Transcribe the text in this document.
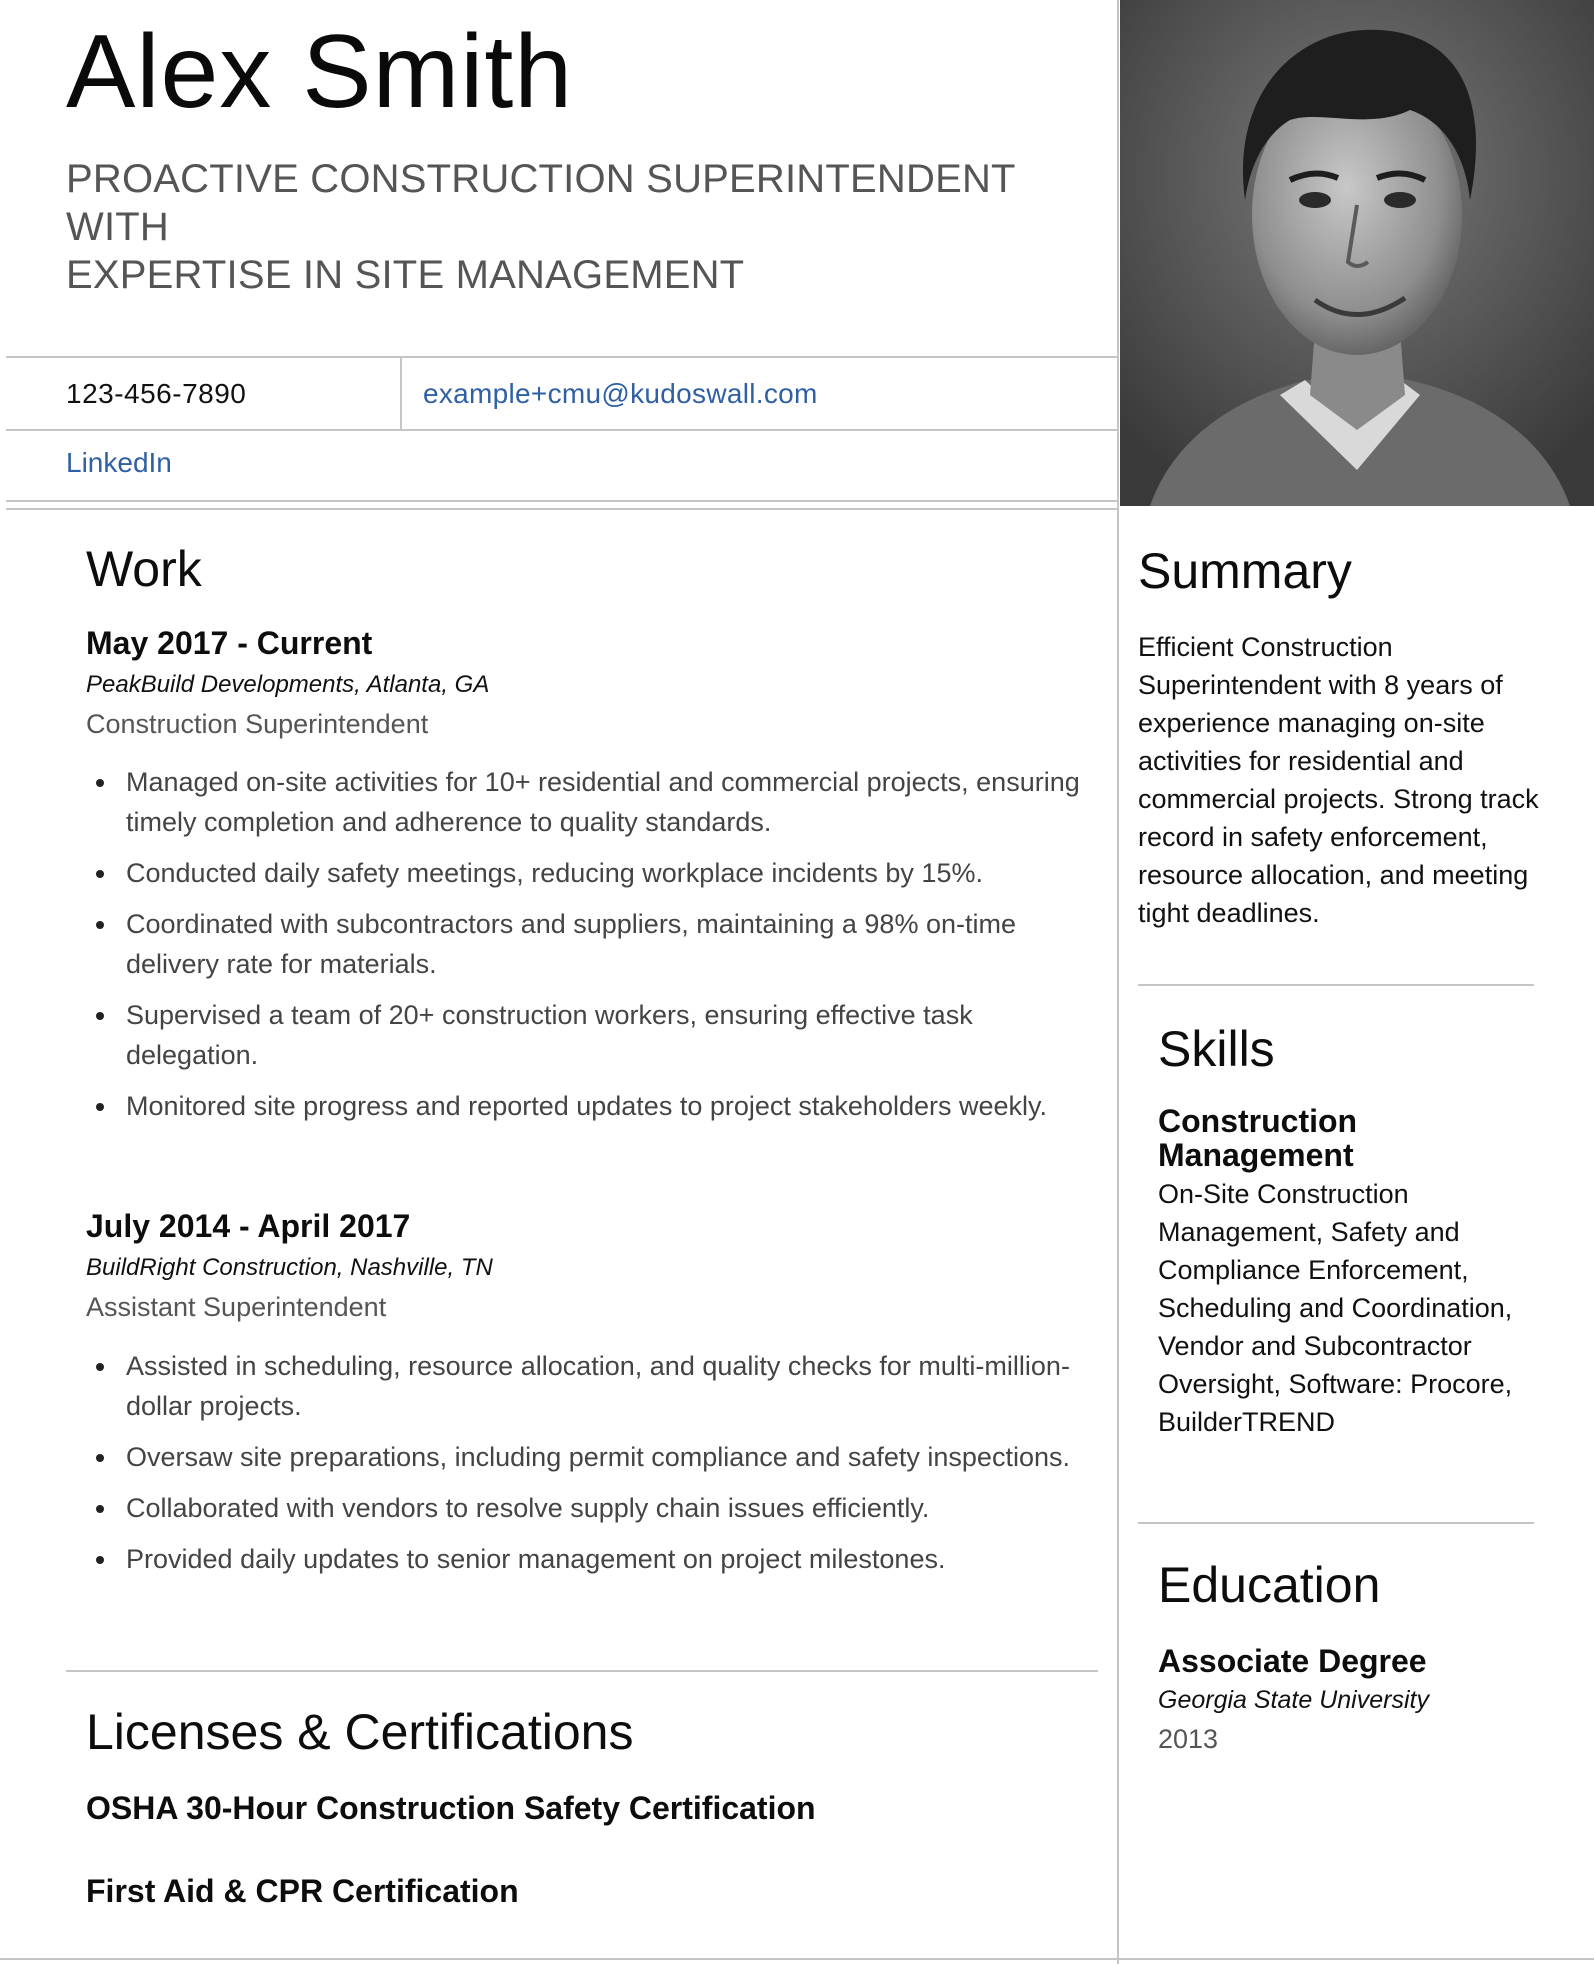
Alex Smith
PROACTIVE CONSTRUCTION SUPERINTENDENT WITH
EXPERTISE IN SITE MANAGEMENT
123-456-7890	example+cmu@kudoswall.com
LinkedIn
Work
May 2017 - Current
PeakBuild Developments, Atlanta, GA
Construction Superintendent
Managed on-site activities for 10+ residential and commercial projects, ensuring timely completion and adherence to quality standards.
Conducted daily safety meetings, reducing workplace incidents by 15%.
Coordinated with subcontractors and suppliers, maintaining a 98% on-time delivery rate for materials.
Supervised a team of 20+ construction workers, ensuring effective task delegation.
Monitored site progress and reported updates to project stakeholders weekly.
July 2014 - April 2017
BuildRight Construction, Nashville, TN
Assistant Superintendent
Assisted in scheduling, resource allocation, and quality checks for multi-million-dollar projects.
Oversaw site preparations, including permit compliance and safety inspections.
Collaborated with vendors to resolve supply chain issues efficiently.
Provided daily updates to senior management on project milestones.
Licenses & Certifications
OSHA 30-Hour Construction Safety Certification
First Aid & CPR Certification
Summary
Efficient Construction Superintendent with 8 years of experience managing on-site activities for residential and commercial projects. Strong track record in safety enforcement, resource allocation, and meeting tight deadlines.
Skills
Construction Management
On-Site Construction Management, Safety and Compliance Enforcement, Scheduling and Coordination, Vendor and Subcontractor Oversight, Software: Procore, BuilderTREND
Education
Associate Degree
Georgia State University
2013
